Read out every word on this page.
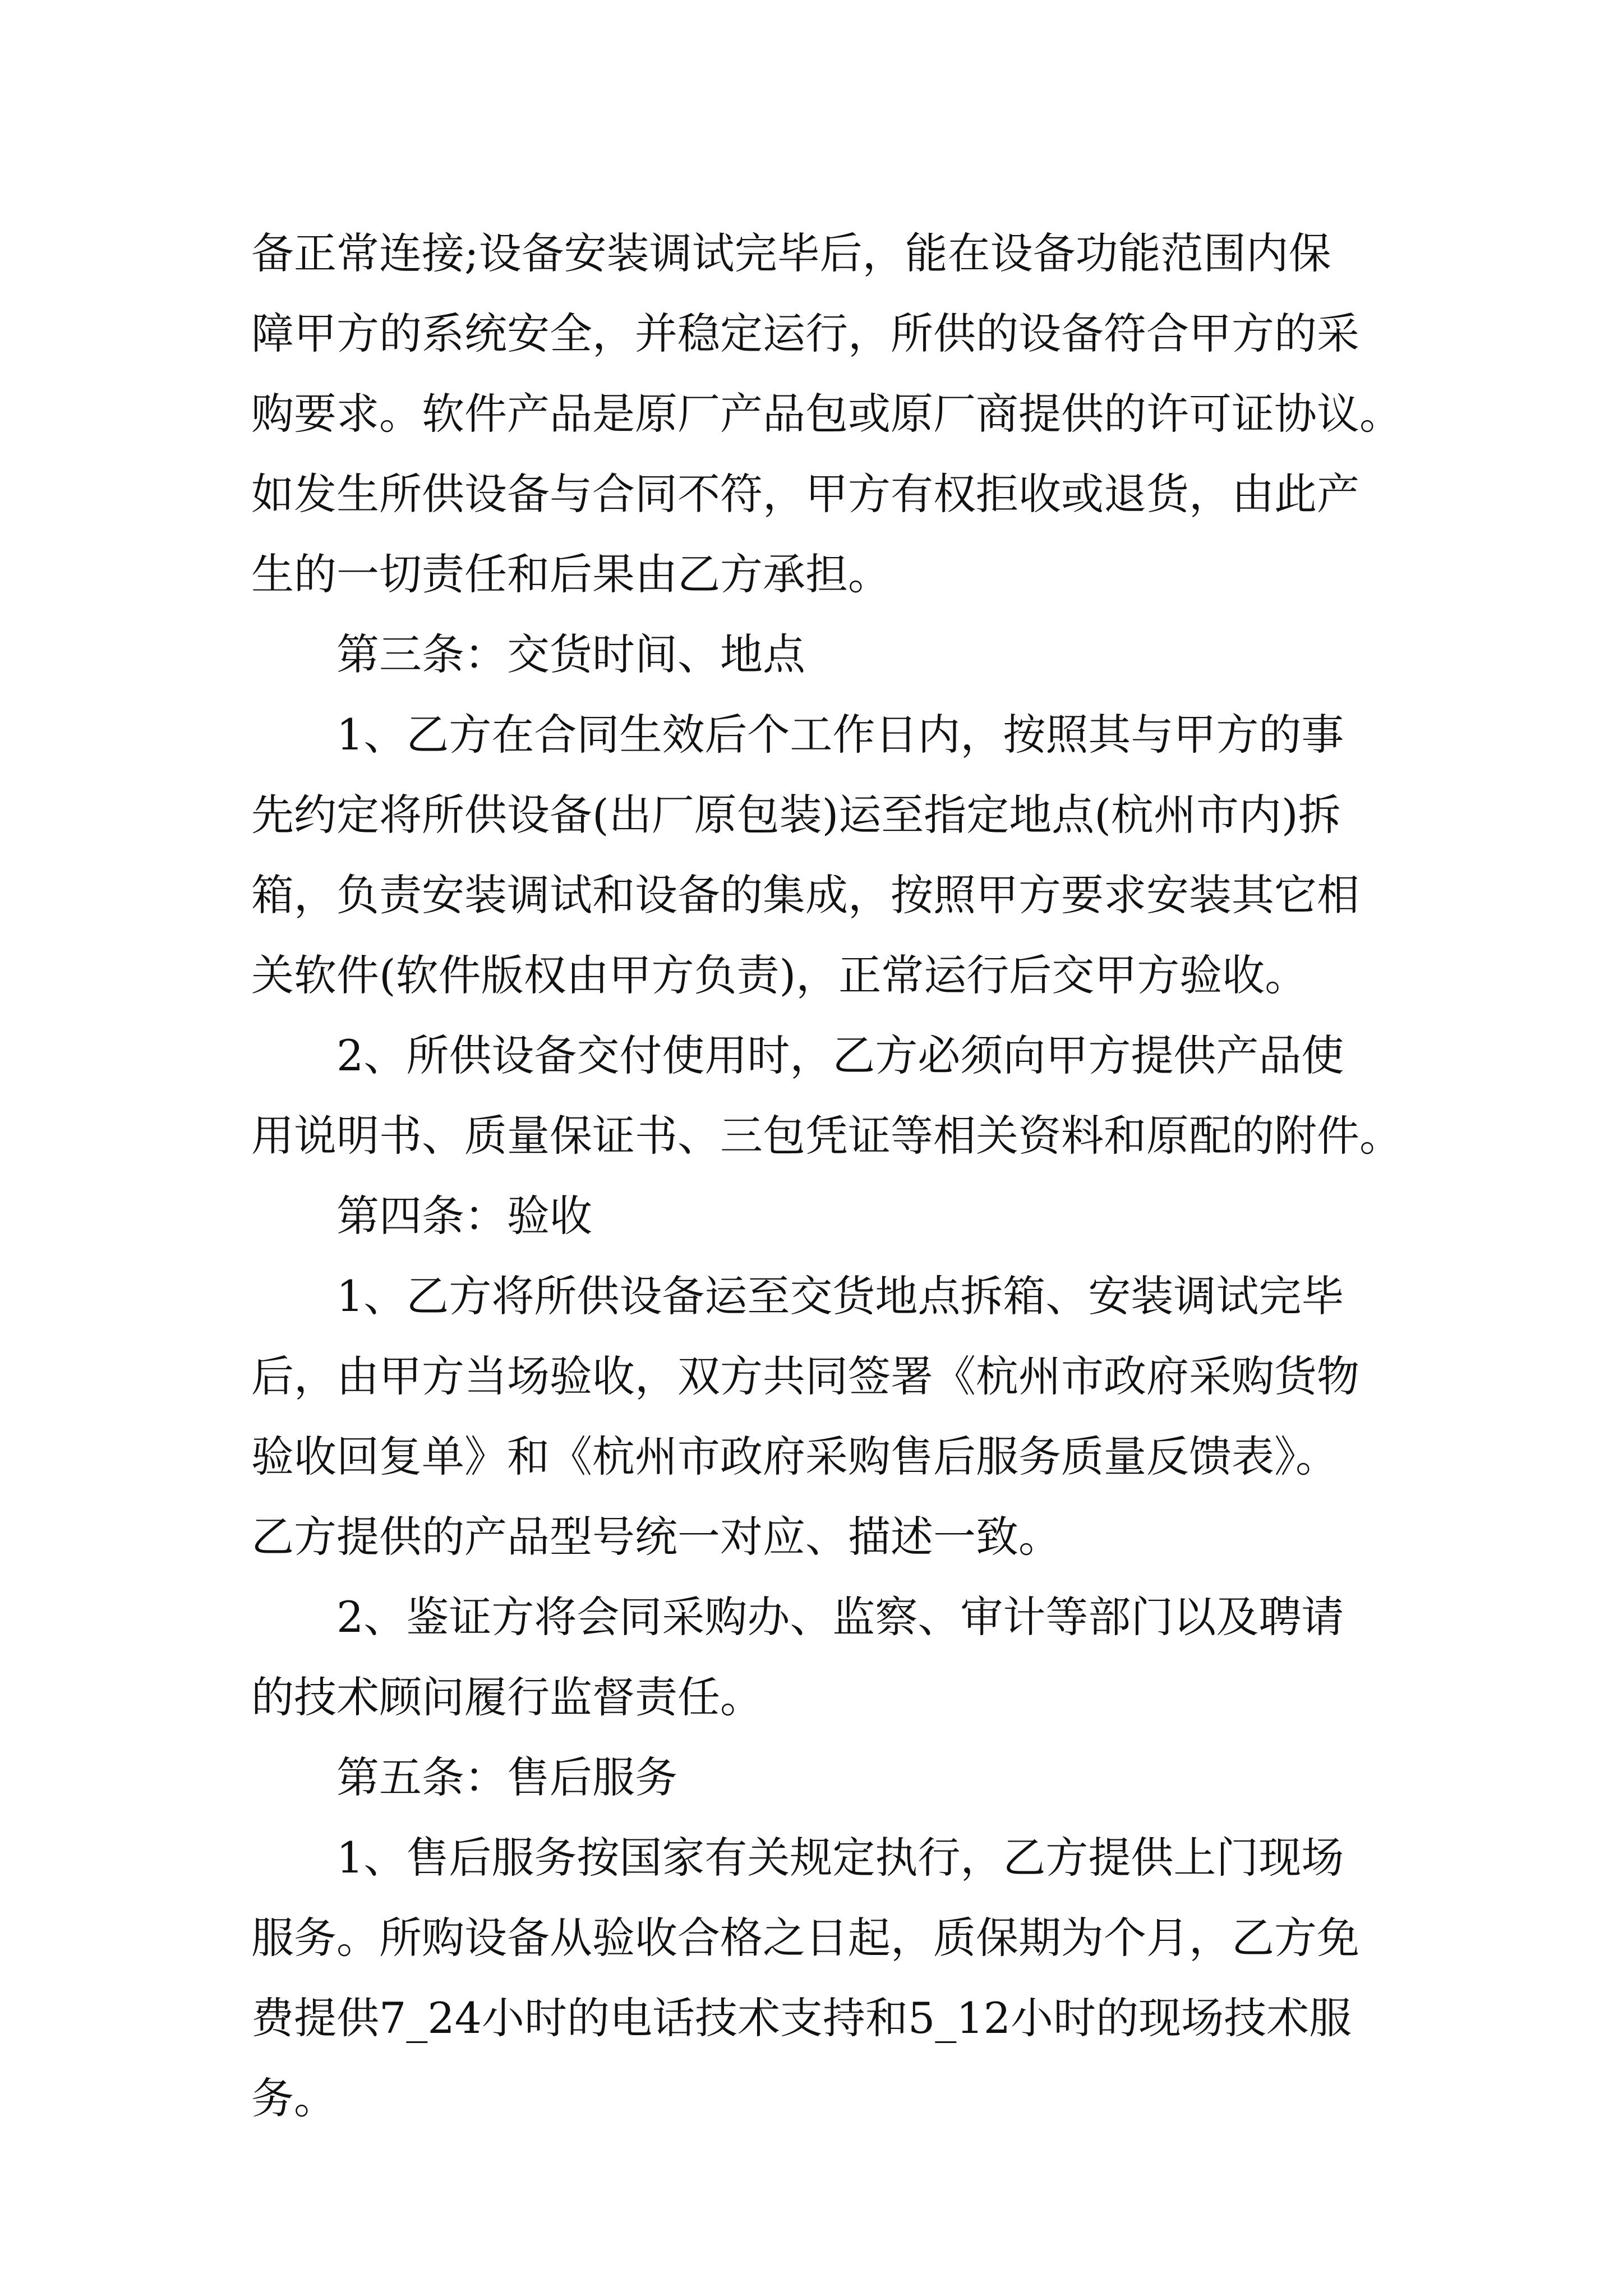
备正常连接;设备安装调试完毕后，能在设备功能范围内保
障甲方的系统安全，并稳定运行，所供的设备符合甲方的采
购要求。软件产品是原厂产品包或原厂商提供的许可证协议。
如发生所供设备与合同不符，甲方有权拒收或退货，由此产
生的一切责任和后果由乙方承担。
第三条：交货时间、地点
1、乙方在合同生效后个工作日内，按照其与甲方的事
先约定将所供设备(出厂原包装)运至指定地点(杭州市内)拆
箱，负责安装调试和设备的集成，按照甲方要求安装其它相
关软件(软件版权由甲方负责)，正常运行后交甲方验收。
2、所供设备交付使用时，乙方必须向甲方提供产品使
用说明书、质量保证书、三包凭证等相关资料和原配的附件。
第四条：验收
1、乙方将所供设备运至交货地点拆箱、安装调试完毕
后，由甲方当场验收，双方共同签署《杭州市政府采购货物
验收回复单》和《杭州市政府采购售后服务质量反馈表》。
乙方提供的产品型号统一对应、描述一致。
2、鉴证方将会同采购办、监察、审计等部门以及聘请
的技术顾问履行监督责任。
第五条：售后服务
1、售后服务按国家有关规定执行，乙方提供上门现场
服务。所购设备从验收合格之日起，质保期为个月，乙方免
费提供7_24小时的电话技术支持和5_12小时的现场技术服
务。
